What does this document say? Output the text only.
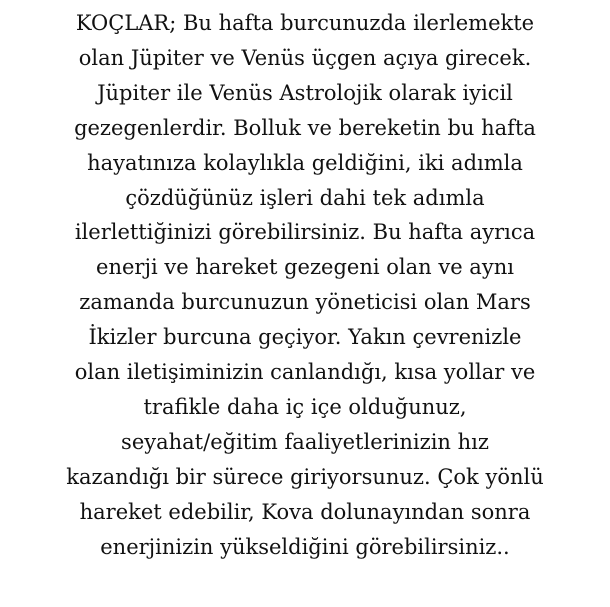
KOÇLAR; Bu hafta burcunuzda ilerlemekte
olan Jüpiter ve Venüs üçgen açıya girecek.
Jüpiter ile Venüs Astrolojik olarak iyicil
gezegenlerdir. Bolluk ve bereketin bu hafta
hayatınıza kolaylıkla geldiğini, iki adımla
çözdüğünüz işleri dahi tek adımla
ilerlettiğinizi görebilirsiniz. Bu hafta ayrıca
enerji ve hareket gezegeni olan ve aynı
zamanda burcunuzun yöneticisi olan Mars
İkizler burcuna geçiyor. Yakın çevrenizle
olan iletişiminizin canlandığı, kısa yollar ve
trafikle daha iç içe olduğunuz,
seyahat/eğitim faaliyetlerinizin hız
kazandığı bir sürece giriyorsunuz. Çok yönlü
hareket edebilir, Kova dolunayından sonra
enerjinizin yükseldiğini görebilirsiniz..
